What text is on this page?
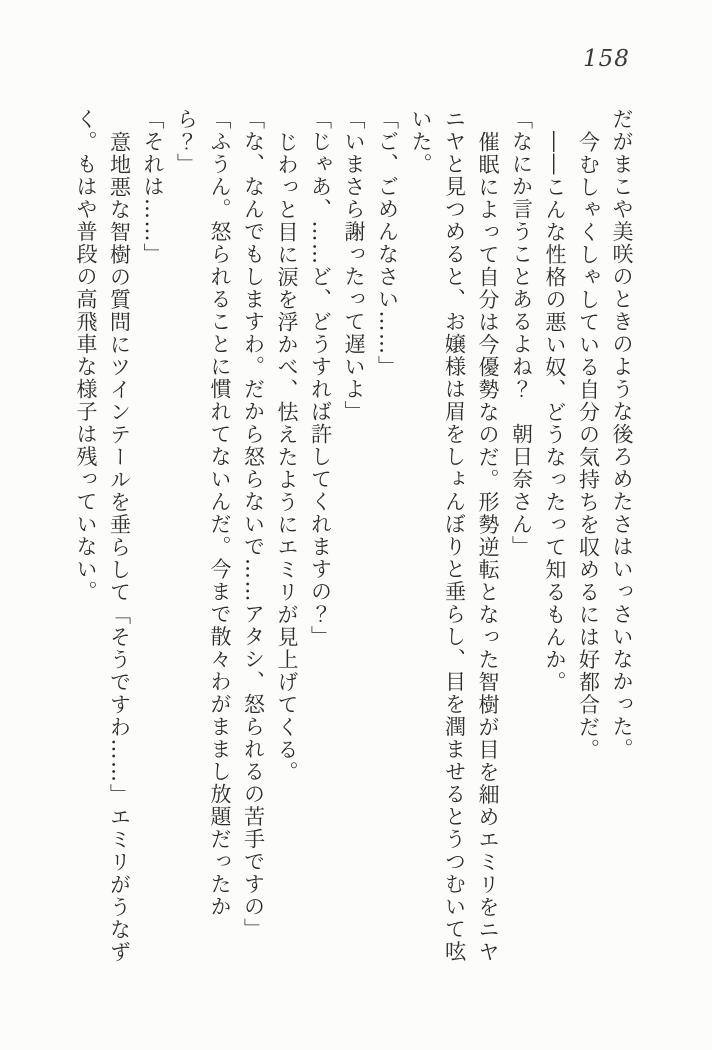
158
だがまこや美咲のときのような後ろめたさはいっさいなかった。
今むしゃくしゃしている自分の気持ちを収めるには好都合だ。
――こんな性格の悪い奴、どうなったって知るもんか。
「なにか言うことあるよね？　朝日奈さん」
催眠によって自分は今優勢なのだ。形勢逆転となった智樹が目を細めエミリをニヤ
ニヤと見つめると、お嬢様は眉をしょんぼりと垂らし、目を潤ませるとうつむいて呟
いた。
「ご、ごめんなさい……」
「いまさら謝ったって遅いよ」
「じゃあ、……ど、どうすれば許してくれますの？」
じわっと目に涙を浮かべ、怯えたようにエミリが見上げてくる。
「な、なんでもしますわ。だから怒らないで……アタシ、怒られるの苦手ですの」
「ふうん。怒られることに慣れてないんだ。今まで散々わがままし放題だったか
ら？」
「それは……」
意地悪な智樹の質問にツインテールを垂らして「そうですわ……」エミリがうなず
く。もはや普段の高飛車な様子は残っていない。
